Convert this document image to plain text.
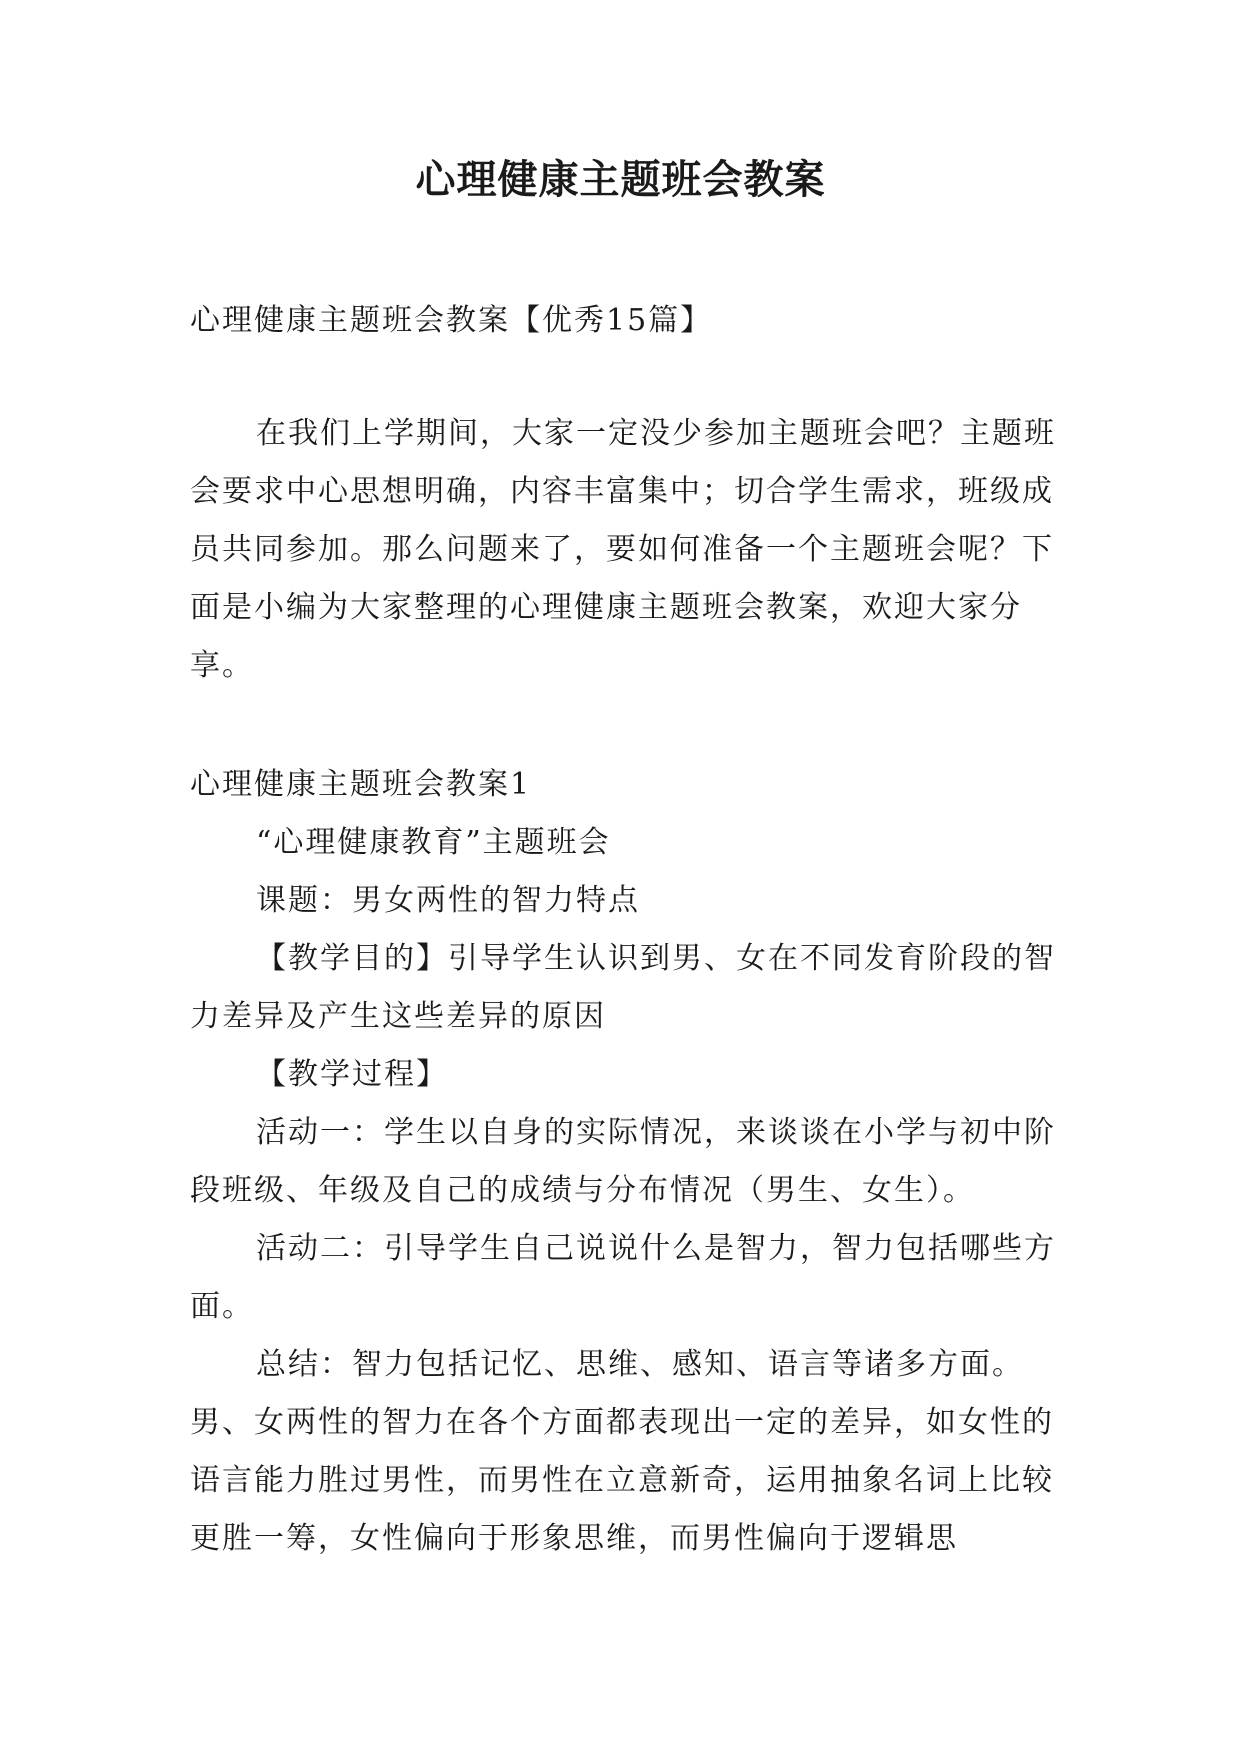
心理健康主题班会教案

心理健康主题班会教案【优秀15篇】

在我们上学期间，大家一定没少参加主题班会吧？主题班会要求中心思想明确，内容丰富集中；切合学生需求，班级成员共同参加。那么问题来了，要如何准备一个主题班会呢？下面是小编为大家整理的心理健康主题班会教案，欢迎大家分享。

心理健康主题班会教案1

“心理健康教育”主题班会

课题：男女两性的智力特点

【教学目的】引导学生认识到男、女在不同发育阶段的智力差异及产生这些差异的原因

【教学过程】

活动一：学生以自身的实际情况，来谈谈在小学与初中阶段班级、年级及自己的成绩与分布情况（男生、女生）。

活动二：引导学生自己说说什么是智力，智力包括哪些方面。

总结：智力包括记忆、思维、感知、语言等诸多方面。男、女两性的智力在各个方面都表现出一定的差异，如女性的语言能力胜过男性，而男性在立意新奇，运用抽象名词上比较更胜一筹，女性偏向于形象思维，而男性偏向于逻辑思
